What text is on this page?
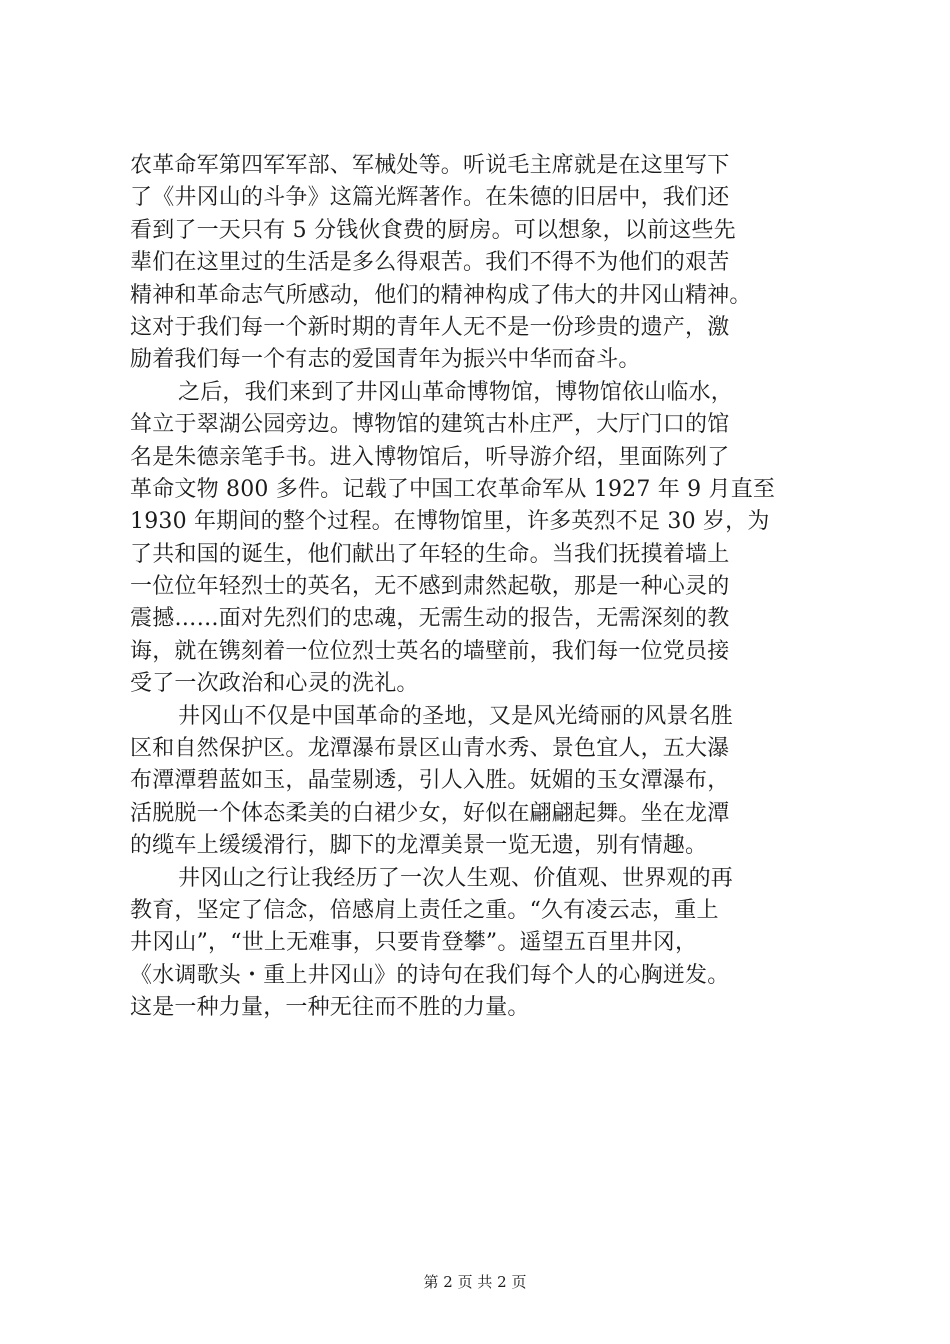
农革命军第四军军部、军械处等。听说毛主席就是在这里写下
了《井冈山的斗争》这篇光辉著作。在朱德的旧居中，我们还
看到了一天只有 5 分钱伙食费的厨房。可以想象，以前这些先
辈们在这里过的生活是多么得艰苦。我们不得不为他们的艰苦
精神和革命志气所感动，他们的精神构成了伟大的井冈山精神。
这对于我们每一个新时期的青年人无不是一份珍贵的遗产，激
励着我们每一个有志的爱国青年为振兴中华而奋斗。
之后，我们来到了井冈山革命博物馆，博物馆依山临水，
耸立于翠湖公园旁边。博物馆的建筑古朴庄严，大厅门口的馆
名是朱德亲笔手书。进入博物馆后，听导游介绍，里面陈列了
革命文物 800 多件。记载了中国工农革命军从 1927 年 9 月直至
1930 年期间的整个过程。在博物馆里，许多英烈不足 30 岁，为
了共和国的诞生，他们献出了年轻的生命。当我们抚摸着墙上
一位位年轻烈士的英名，无不感到肃然起敬，那是一种心灵的
震撼……面对先烈们的忠魂，无需生动的报告，无需深刻的教
诲，就在镌刻着一位位烈士英名的墙壁前，我们每一位党员接
受了一次政治和心灵的洗礼。
井冈山不仅是中国革命的圣地，又是风光绮丽的风景名胜
区和自然保护区。龙潭瀑布景区山青水秀、景色宜人，五大瀑
布潭潭碧蓝如玉，晶莹剔透，引人入胜。妩媚的玉女潭瀑布，
活脱脱一个体态柔美的白裙少女，好似在翩翩起舞。坐在龙潭
的缆车上缓缓滑行，脚下的龙潭美景一览无遗，别有情趣。
井冈山之行让我经历了一次人生观、价值观、世界观的再
教育，坚定了信念，倍感肩上责任之重。“久有凌云志，重上
井冈山”，“世上无难事，只要肯登攀”。遥望五百里井冈，
《水调歌头・重上井冈山》的诗句在我们每个人的心胸迸发。
这是一种力量，一种无往而不胜的力量。
第 2 页 共 2 页
